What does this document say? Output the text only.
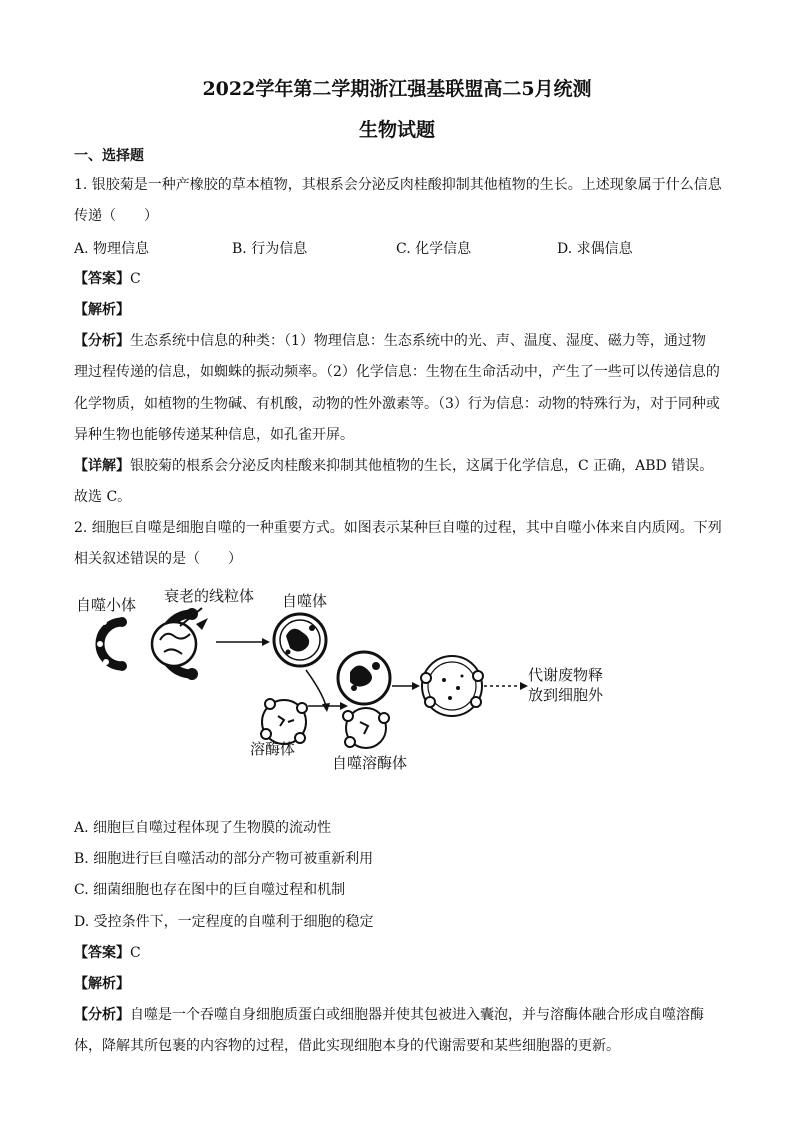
2022学年第二学期浙江强基联盟高二5月统测
生物试题
一、选择题
1. 银胶菊是一种产橡胶的草本植物，其根系会分泌反肉桂酸抑制其他植物的生长。上述现象属于什么信息
传递（　　）
A. 物理信息	B. 行为信息	C. 化学信息	D. 求偶信息
【答案】C
【解析】
【分析】生态系统中信息的种类：（1）物理信息：生态系统中的光、声、温度、湿度、磁力等，通过物
理过程传递的信息，如蜘蛛的振动频率。（2）化学信息：生物在生命活动中，产生了一些可以传递信息的
化学物质，如植物的生物碱、有机酸，动物的性外激素等。（3）行为信息：动物的特殊行为，对于同种或
异种生物也能够传递某种信息，如孔雀开屏。
【详解】银胶菊的根系会分泌反肉桂酸来抑制其他植物的生长，这属于化学信息，C 正确，ABD 错误。
故选 C。
2. 细胞巨自噬是细胞自噬的一种重要方式。如图表示某种巨自噬的过程，其中自噬小体来自内质网。下列
相关叙述错误的是（　　）
自噬小体 衰老的线粒体 自噬体
溶酶体
自噬溶酶体
代谢废物释
放到细胞外
A. 细胞巨自噬过程体现了生物膜的流动性
B. 细胞进行巨自噬活动的部分产物可被重新利用
C. 细菌细胞也存在图中的巨自噬过程和机制
D. 受控条件下，一定程度的自噬利于细胞的稳定
【答案】C
【解析】
【分析】自噬是一个吞噬自身细胞质蛋白或细胞器并使其包被进入囊泡，并与溶酶体融合形成自噬溶酶
体，降解其所包裹的内容物的过程，借此实现细胞本身的代谢需要和某些细胞器的更新。
